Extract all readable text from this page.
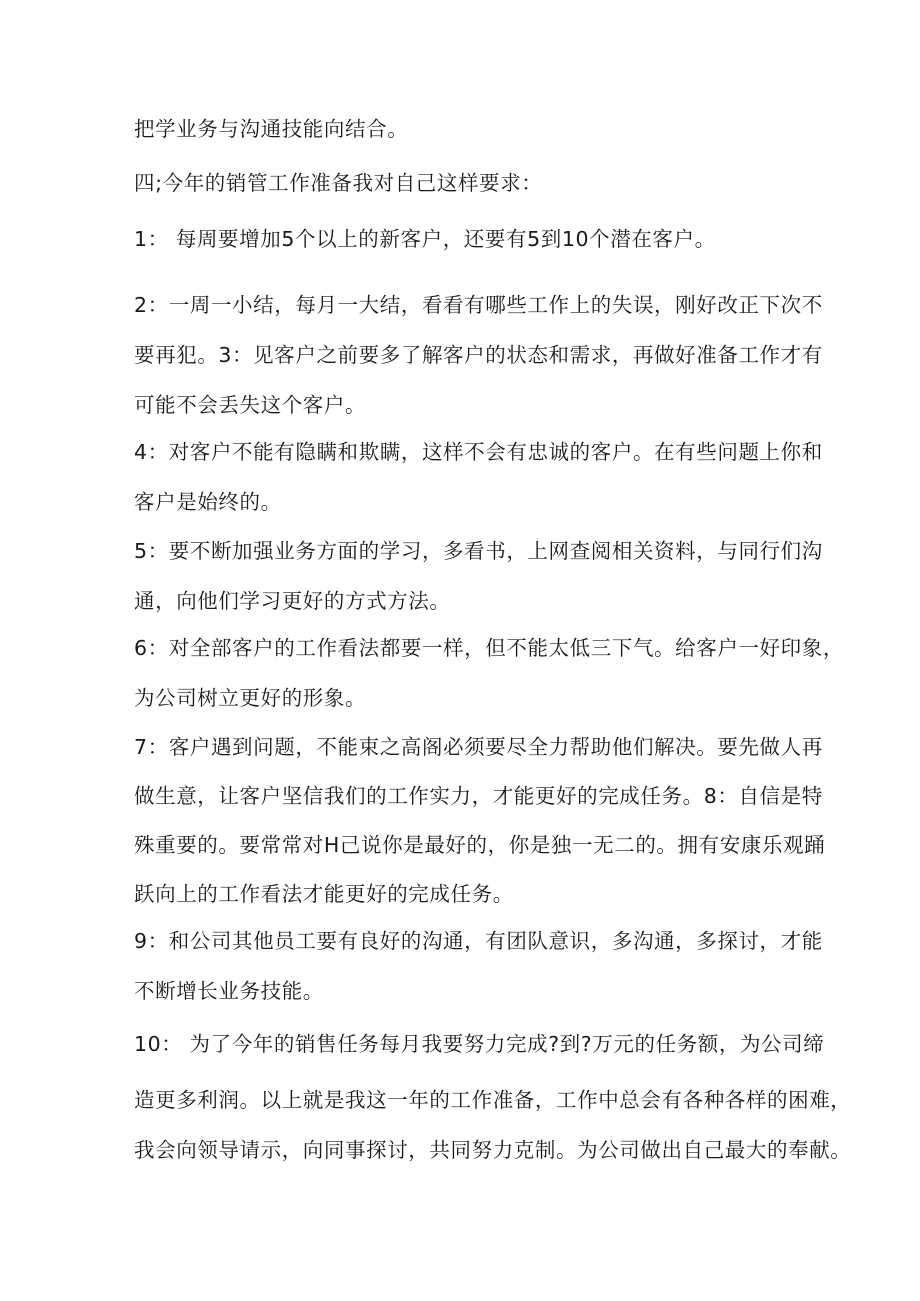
把学业务与沟通技能向结合。
四;今年的销管工作准备我对自己这样要求：
1： 每周要增加5个以上的新客户，还要有5到10个潜在客户。
2：一周一小结，每月一大结，看看有哪些工作上的失误，刚好改正下次不
要再犯。3：见客户之前要多了解客户的状态和需求，再做好准备工作才有
可能不会丢失这个客户。
4：对客户不能有隐瞒和欺瞒，这样不会有忠诚的客户。在有些问题上你和
客户是始终的。
5：要不断加强业务方面的学习，多看书，上网查阅相关资料，与同行们沟
通，向他们学习更好的方式方法。
6：对全部客户的工作看法都要一样，但不能太低三下气。给客户一好印象，
为公司树立更好的形象。
7：客户遇到问题，不能束之高阁必须要尽全力帮助他们解决。要先做人再
做生意，让客户坚信我们的工作实力，才能更好的完成任务。8：自信是特
殊重要的。要常常对H己说你是最好的，你是独一无二的。拥有安康乐观踊
跃向上的工作看法才能更好的完成任务。
9：和公司其他员工要有良好的沟通，有团队意识，多沟通，多探讨，才能
不断增长业务技能。
10： 为了今年的销售任务每月我要努力完成?到?万元的任务额，为公司缔
造更多利润。以上就是我这一年的工作准备，工作中总会有各种各样的困难，
我会向领导请示，向同事探讨，共同努力克制。为公司做出自己最大的奉献。
